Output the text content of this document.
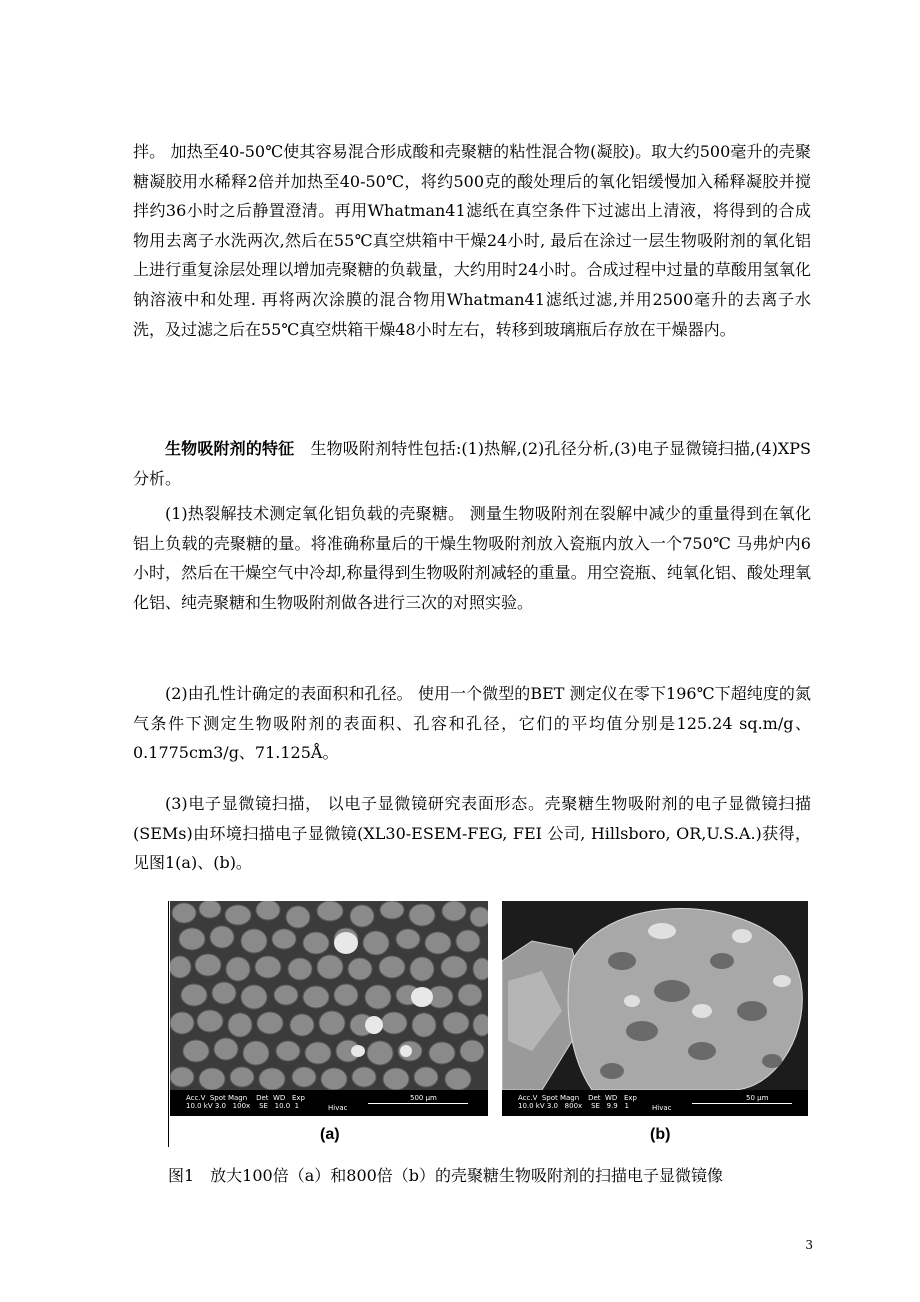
拌。 加热至40-50℃使其容易混合形成酸和壳聚糖的粘性混合物(凝胶)。取大约500毫升的壳聚糖凝胶用水稀释2倍并加热至40-50℃，将约500克的酸处理后的氧化铝缓慢加入稀释凝胶并搅拌约36小时之后静置澄清。再用Whatman41滤纸在真空条件下过滤出上清液，将得到的合成物用去离子水洗两次,然后在55℃真空烘箱中干燥24小时, 最后在涂过一层生物吸附剂的氧化铝上进行重复涂层处理以增加壳聚糖的负载量，大约用时24小时。合成过程中过量的草酸用氢氧化钠溶液中和处理. 再将两次涂膜的混合物用Whatman41滤纸过滤,并用2500毫升的去离子水洗，及过滤之后在55℃真空烘箱干燥48小时左右，转移到玻璃瓶后存放在干燥器内。

生物吸附剂的特征　 生物吸附剂特性包括:(1)热解,(2)孔径分析,(3)电子显微镜扫描,(4)XPS分析。

(1)热裂解技术测定氧化铝负载的壳聚糖。 测量生物吸附剂在裂解中减少的重量得到在氧化铝上负载的壳聚糖的量。将准确称量后的干燥生物吸附剂放入瓷瓶内放入一个750℃ 马弗炉内6小时，然后在干燥空气中冷却,称量得到生物吸附剂减轻的重量。用空瓷瓶、纯氧化铝、酸处理氧化铝、纯壳聚糖和生物吸附剂做各进行三次的对照实验。

(2)由孔性计确定的表面积和孔径。 使用一个微型的BET 测定仪在零下196℃下超纯度的氮气条件下测定生物吸附剂的表面积、孔容和孔径，它们的平均值分别是125.24 sq.m/g、0.1775cm3/g、71.125Å。

(3)电子显微镜扫描， 以电子显微镜研究表面形态。壳聚糖生物吸附剂的电子显微镜扫描 (SEMs)由环境扫描电子显微镜(XL30-ESEM-FEG, FEI 公司, Hillsboro, OR,U.S.A.)获得，见图1(a)、(b)。

Acc.V  Spot Magn    Det  WD   Exp
10.0 kV 3.0   100x    SE   10.0  1	Hivac
500 μm	Acc.V  Spot Magn    Det  WD   Exp
10.0 kV 3.0   800x    SE   9.9   1	Hivac
50 μm
(a)	(b)
图1　放大100倍（a）和800倍（b）的壳聚糖生物吸附剂的扫描电子显微镜像
3
